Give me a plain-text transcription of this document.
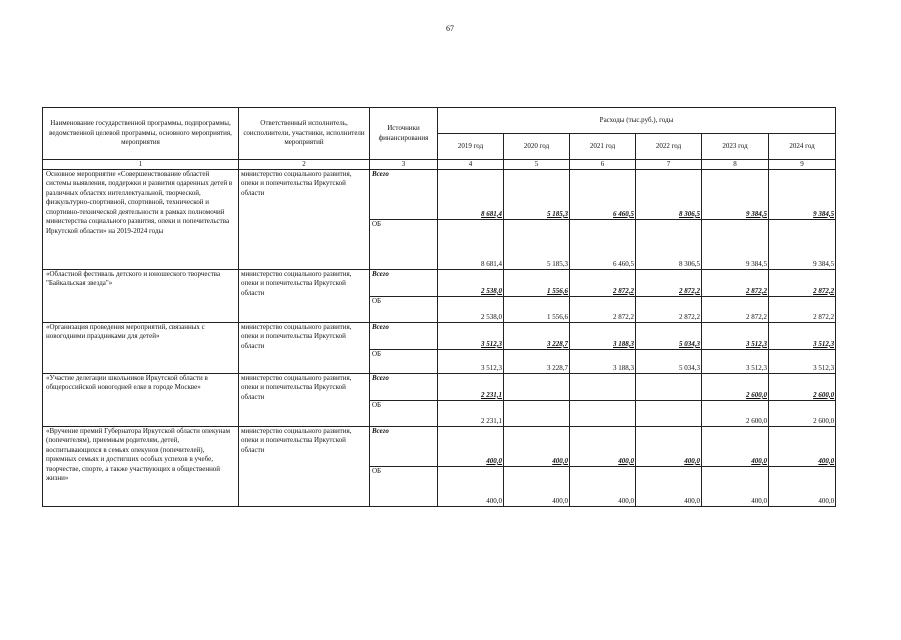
67
Наименование государственной программы, подпрограммы, ведомственной целевой программы, основного мероприятия, мероприятия	Ответственный исполнитель, соисполнители, участники, исполнители мероприятий	Источники финансирования	Расходы (тыс.руб.), годы					
			2019 год	2020 год	2021 год	2022 год	2023 год	2024 год
1	2	3	4	5	6	7	8	9
Основное мероприятие «Совершенствование областей системы выявления, поддержки и развития одаренных детей в различных областях интеллектуальной, творческой, физкультурно-спортивной, спортивной, технической и спортивно-технической деятельности в рамках полномочий министерства социального развития, опеки и попечительства Иркутской области» на 2019-2024 годы	министерство социального развития, опеки и попечительства Иркутской области	Всего	8 681,4	5 185,3	6 460,5	8 306,5	9 384,5	9 384,5
		ОБ	8 681,4	5 185,3	6 460,5	8 306,5	9 384,5	9 384,5
«Областной фестиваль детского и юношеского творчества "Байкальская звезда"»	министерство социального развития, опеки и попечительства Иркутской области	Всего	2 538,0	1 556,6	2 872,2	2 872,2	2 872,2	2 872,2
		ОБ	2 538,0	1 556,6	2 872,2	2 872,2	2 872,2	2 872,2
«Организация проведения мероприятий, связанных с новогодними праздниками для детей»	министерство социального развития, опеки и попечительства Иркутской области	Всего	3 512,3	3 228,7	3 188,3	5 034,3	3 512,3	3 512,3
		ОБ	3 512,3	3 228,7	3 188,3	5 034,3	3 512,3	3 512,3
«Участие делегации школьников Иркутской области в общероссийской новогодней елке в городе Москве»	министерство социального развития, опеки и попечительства Иркутской области	Всего	2 231,1				2 600,0	2 600,0
		ОБ	2 231,1				2 600,0	2 600,0
«Вручение премий Губернатора Иркутской области опекунам (попечителям), приемным родителям, детей, воспитывающихся в семьях опекунов (попечителей), приемных семьях и достигших особых успехов в учебе, творчестве, спорте, а также участвующих в общественной жизни»	министерство социального развития, опеки и попечительства Иркутской области	Всего	400,0	400,0	400,0	400,0	400,0	400,0
		ОБ	400,0	400,0	400,0	400,0	400,0	400,0
